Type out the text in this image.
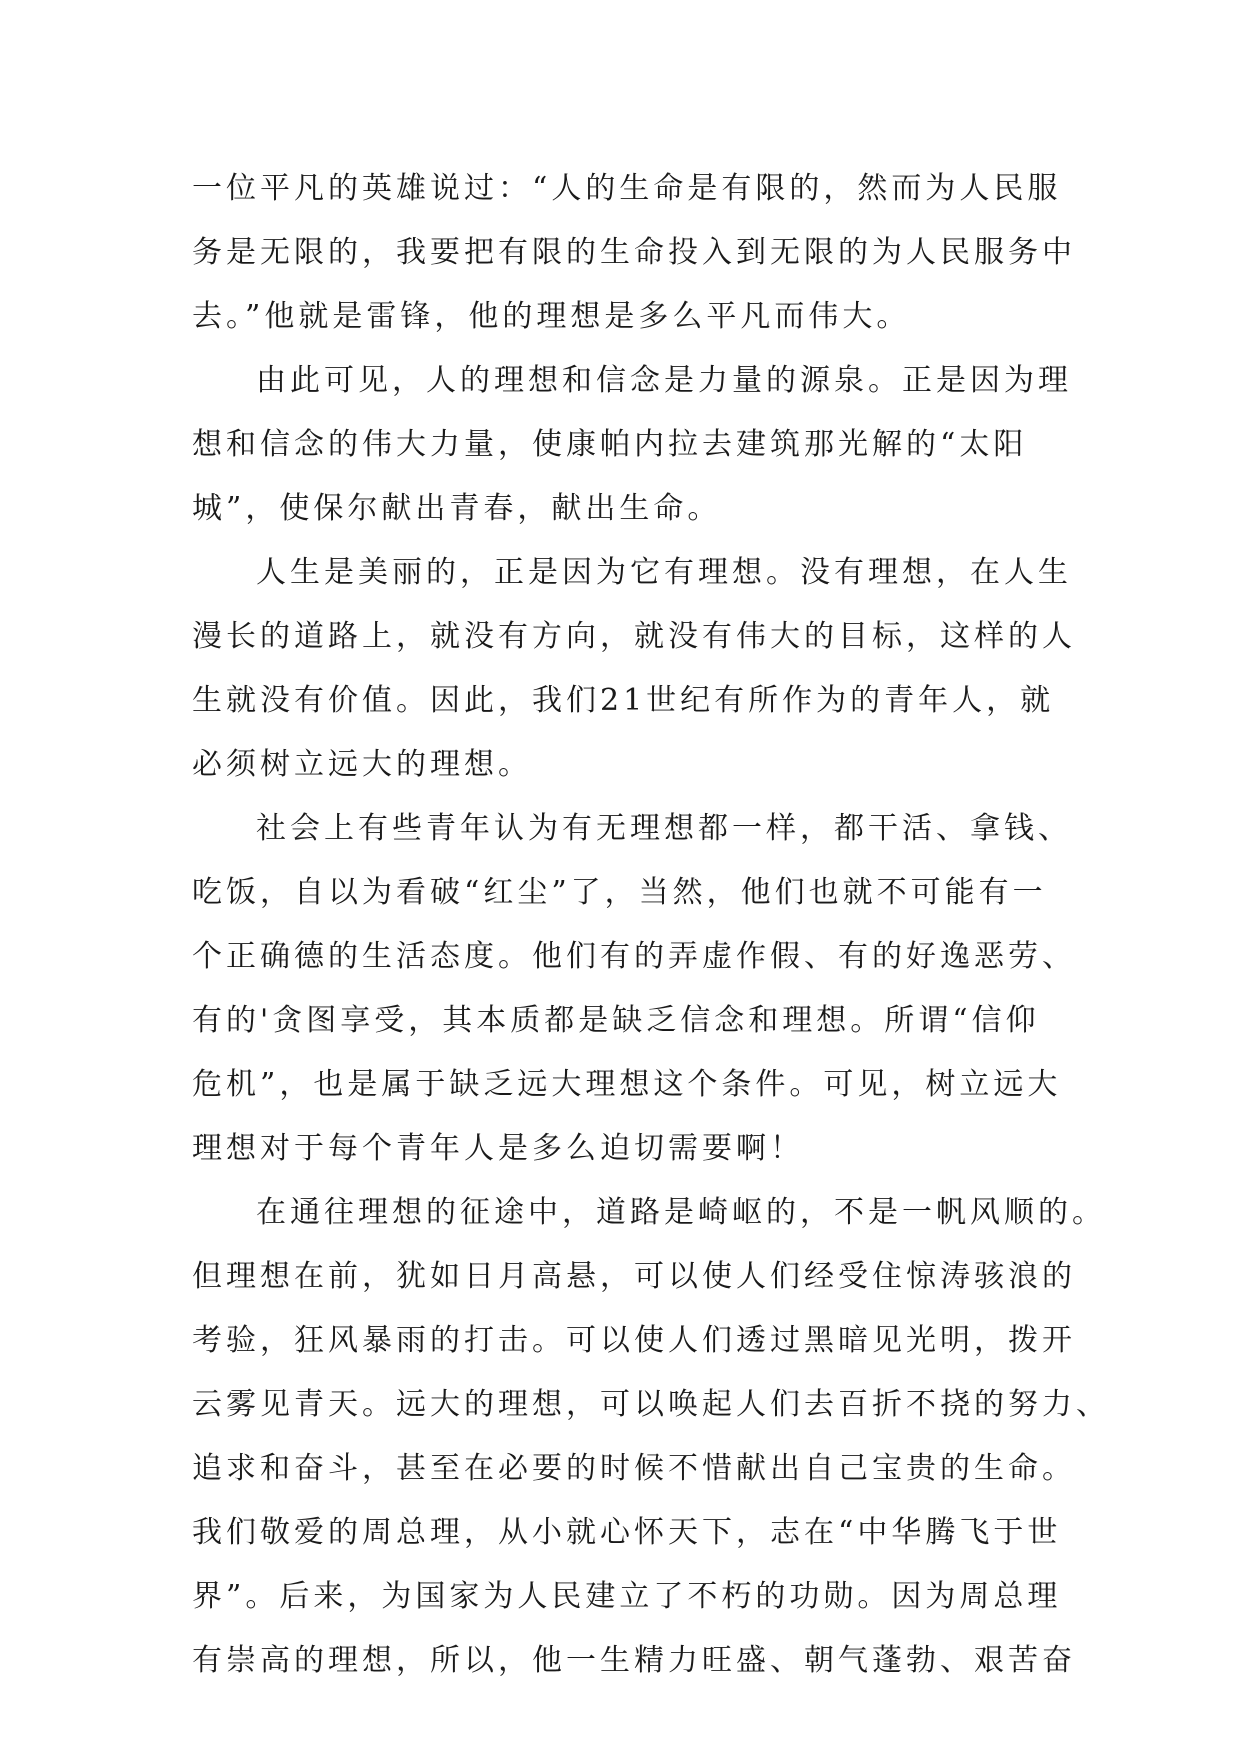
一位平凡的英雄说过：“人的生命是有限的，然而为人民服
务是无限的，我要把有限的生命投入到无限的为人民服务中
去。”他就是雷锋，他的理想是多么平凡而伟大。
由此可见，人的理想和信念是力量的源泉。正是因为理
想和信念的伟大力量，使康帕内拉去建筑那光解的“太阳
城”，使保尔献出青春，献出生命。
人生是美丽的，正是因为它有理想。没有理想，在人生
漫长的道路上，就没有方向，就没有伟大的目标，这样的人
生就没有价值。因此，我们21世纪有所作为的青年人，就
必须树立远大的理想。
社会上有些青年认为有无理想都一样，都干活、拿钱、
吃饭，自以为看破“红尘”了，当然，他们也就不可能有一
个正确德的生活态度。他们有的弄虚作假、有的好逸恶劳、
有的'贪图享受，其本质都是缺乏信念和理想。所谓“信仰
危机”，也是属于缺乏远大理想这个条件。可见，树立远大
理想对于每个青年人是多么迫切需要啊！
在通往理想的征途中，道路是崎岖的，不是一帆风顺的。
但理想在前，犹如日月高悬，可以使人们经受住惊涛骇浪的
考验，狂风暴雨的打击。可以使人们透过黑暗见光明，拨开
云雾见青天。远大的理想，可以唤起人们去百折不挠的努力、
追求和奋斗，甚至在必要的时候不惜献出自己宝贵的生命。
我们敬爱的周总理，从小就心怀天下，志在“中华腾飞于世
界”。后来，为国家为人民建立了不朽的功勋。因为周总理
有崇高的理想，所以，他一生精力旺盛、朝气蓬勃、艰苦奋
